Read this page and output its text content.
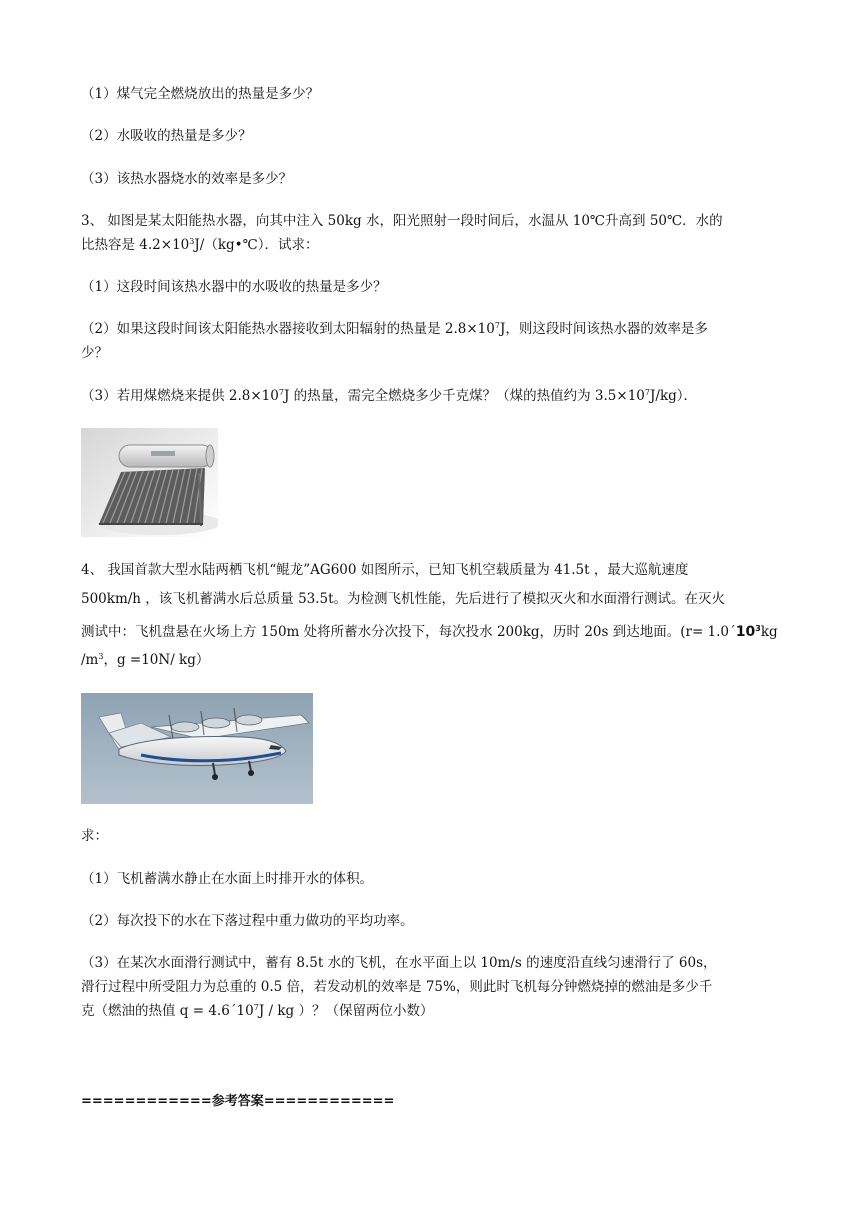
（1）煤气完全燃烧放出的热量是多少？
（2）水吸收的热量是多少？
（3）该热水器烧水的效率是多少？
3、 如图是某太阳能热水器，向其中注入 50kg 水，阳光照射一段时间后，水温从 10℃升高到 50℃．水的
比热容是 $4.2\times 10^3J/(kg•℃)$．试求：
（1）这段时间该热水器中的水吸收的热量是多少？
（2）如果这段时间该太阳能热水器接收到太阳辐射的热量是 $2.8\times 10^7J$，则这段时间该热水器的效率是多
少？
（3）若用煤燃烧来提供 $2.8\times 10^7J$ 的热量，需完全燃烧多少千克煤？（煤的热值约为 $3.5\times 10^7J/kg$）．
4、 我国首款大型水陆两栖飞机“鲲龙”AG600 如图所示，已知飞机空载质量为 41.5t ，最大巡航速度
500km/h ，该飞机蓄满水后总质量 53.5t。为检测飞机性能，先后进行了模拟灭火和水面滑行测试。在灭火
测试中：飞机盘悬在火场上方 150m 处将所蓄水分次投下，每次投水 200kg，历时 20s 到达地面。($r= 1.0´10^3kg$
$/m^3$，g =10N/ kg）
求：
（1）飞机蓄满水静止在水面上时排开水的体积。
（2）每次投下的水在下落过程中重力做功的平均功率。
（3）在某次水面滑行测试中，蓄有 8.5t 水的飞机，在水平面上以 10m/s 的速度沿直线匀速滑行了 60s，
滑行过程中所受阻力为总重的 0.5 倍，若发动机的效率是 75%，则此时飞机每分钟燃烧掉的燃油是多少千
克（燃油的热值 $q = 4.6´10^7J$ / kg ）？（保留两位小数）
============参考答案============
